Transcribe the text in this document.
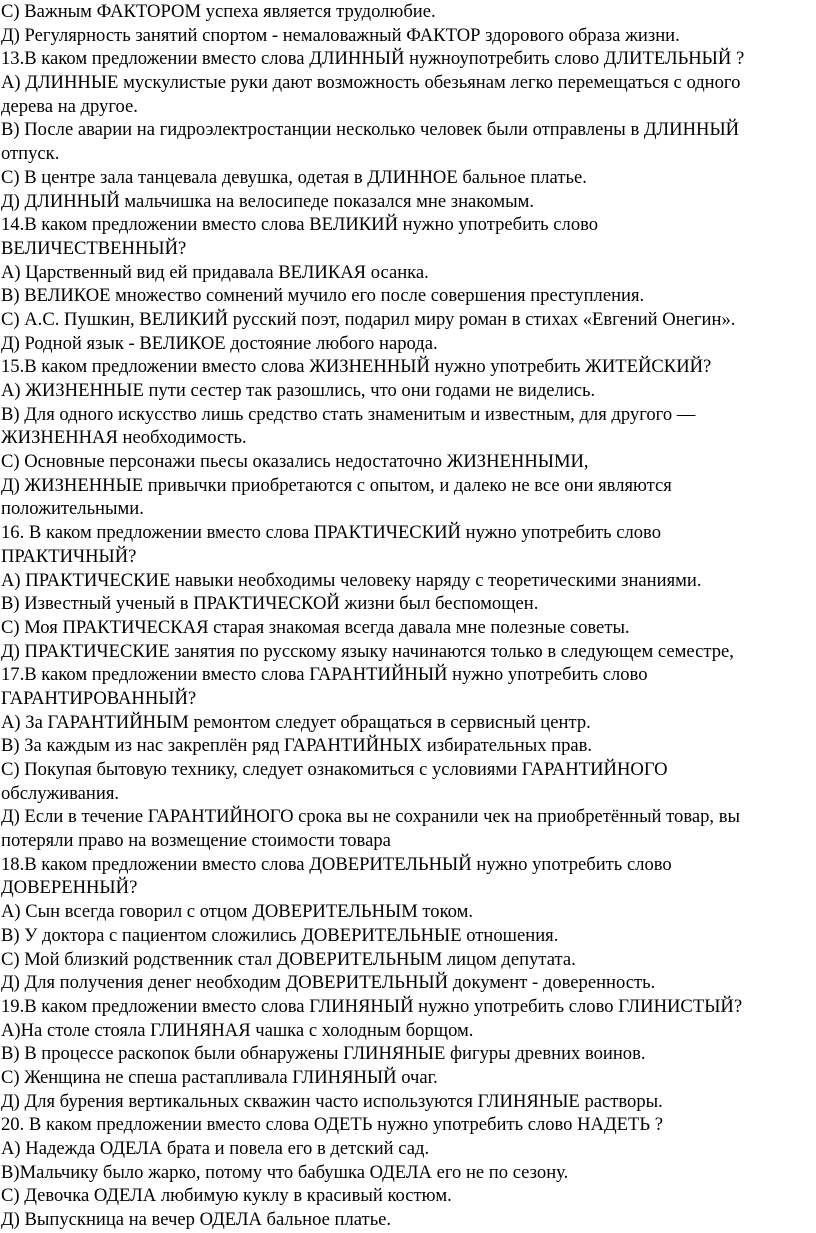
С) Важным ФАКТОРОМ успеха является трудолюбие.
Д) Регулярность занятий спортом - немаловажный ФАКТОР здорового образа жизни.
13.В каком предложении вместо слова ДЛИННЫЙ нужноупотребить слово ДЛИТЕЛЬНЫЙ ?
А) ДЛИННЫЕ мускулистые руки дают возможность обезьянам легко перемещаться с одного
дерева на другое.
В) После аварии на гидроэлектростанции несколько человек были отправлены в ДЛИННЫЙ
отпуск.
С) В центре зала танцевала девушка, одетая в ДЛИННОЕ бальное платье.
Д) ДЛИННЫЙ мальчишка на велосипеде показался мне знакомым.
14.В каком предложении вместо слова ВЕЛИКИЙ нужно употребить слово
ВЕЛИЧЕСТВЕННЫЙ?
А) Царственный вид ей придавала ВЕЛИКАЯ осанка.
В) ВЕЛИКОЕ множество сомнений мучило его после совершения преступления.
С) А.С. Пушкин, ВЕЛИКИЙ русский поэт, подарил миру роман в стихах «Евгений Онегин».
Д) Родной язык - ВЕЛИКОЕ достояние любого народа.
15.В каком предложении вместо слова ЖИЗНЕННЫЙ нужно употребить ЖИТЕЙСКИЙ?
А) ЖИЗНЕННЫЕ пути сестер так разошлись, что они годами не виделись.
В) Для одного искусство лишь средство стать знаменитым и известным, для другого —
ЖИЗНЕННАЯ необходимость.
С) Основные персонажи пьесы оказались недостаточно ЖИЗНЕННЫМИ,
Д) ЖИЗНЕННЫЕ привычки приобретаются с опытом, и далеко не все они являются
положительными.
16. В каком предложении вместо слова ПРАКТИЧЕСКИЙ нужно употребить слово
ПРАКТИЧНЫЙ?
А) ПРАКТИЧЕСКИЕ навыки необходимы человеку наряду с теоретическими знаниями.
В) Известный ученый в ПРАКТИЧЕСКОЙ жизни был беспомощен.
С) Моя ПРАКТИЧЕСКАЯ старая знакомая всегда давала мне полезные советы.
Д) ПРАКТИЧЕСКИЕ занятия по русскому языку начинаются только в следующем семестре,
17.В каком предложении вместо слова ГАРАНТИЙНЫЙ нужно употребить слово
ГАРАНТИРОВАННЫЙ?
А) За ГАРАНТИЙНЫМ ремонтом следует обращаться в сервисный центр.
В) За каждым из нас закреплён ряд ГАРАНТИЙНЫХ избирательных прав.
С) Покупая бытовую технику, следует ознакомиться с условиями ГАРАНТИЙНОГО
обслуживания.
Д) Если в течение ГАРАНТИЙНОГО срока вы не сохранили чек на приобретённый товар, вы
потеряли право на возмещение стоимости товара
18.В каком предложении вместо слова ДОВЕРИТЕЛЬНЫЙ нужно употребить слово
ДОВЕРЕННЫЙ?
А) Сын всегда говорил с отцом ДОВЕРИТЕЛЬНЫМ током.
В) У доктора с пациентом сложились ДОВЕРИТЕЛЬНЫЕ отношения.
С) Мой близкий родственник стал ДОВЕРИТЕЛЬНЫМ лицом депутата.
Д) Для получения денег необходим ДОВЕРИТЕЛЬНЫЙ документ - доверенность.
19.В каком предложении вместо слова ГЛИНЯНЫЙ нужно употребить слово ГЛИНИСТЫЙ?
А)На столе стояла ГЛИНЯНАЯ чашка с холодным борщом.
В) В процессе раскопок были обнаружены ГЛИНЯНЫЕ фигуры древних воинов.
С) Женщина не спеша растапливала ГЛИНЯНЫЙ очаг.
Д) Для бурения вертикальных скважин часто используются ГЛИНЯНЫЕ растворы.
20. В каком предложении вместо слова ОДЕТЬ нужно употребить слово НАДЕТЬ ?
А) Надежда ОДЕЛА брата и повела его в детский сад.
В)Мальчику было жарко, потому что бабушка ОДЕЛА его не по сезону.
С) Девочка ОДЕЛА любимую куклу в красивый костюм.
Д) Выпускница на вечер ОДЕЛА бальное платье.
